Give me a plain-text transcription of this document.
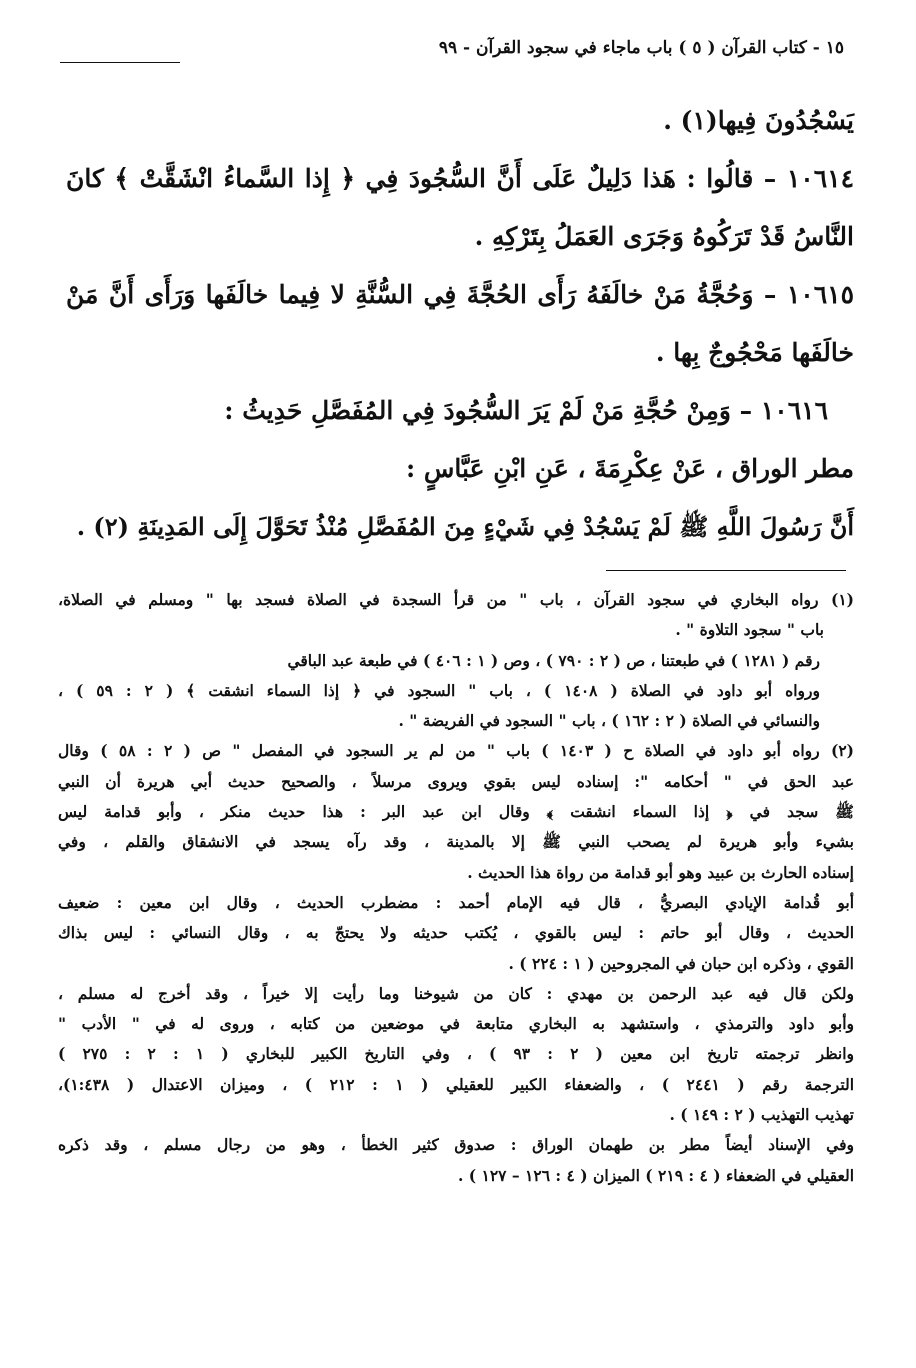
١٥ - كتاب القرآن ( ٥ ) باب ماجاء في سجود القرآن - ٩٩
يَسْجُدُونَ فِيها(١) .
١٠٦١٤ – قالُوا : هَذا دَلِيلٌ عَلَى أَنَّ السُّجُودَ فِي ﴿ إِذا السَّماءُ انْشَقَّتْ ﴾ كانَ
النَّاسُ قَدْ تَرَكُوهُ وَجَرَى العَمَلُ بِتَرْكِهِ .
١٠٦١٥ – وَحُجَّةُ مَنْ خالَفَهُ رَأَى الحُجَّةَ فِي السُّنَّةِ لا فِيما خالَفَها وَرَأَى أَنَّ مَنْ
خالَفَها مَحْجُوجٌ بِها .
١٠٦١٦ – وَمِنْ حُجَّةِ مَنْ لَمْ يَرَ السُّجُودَ فِي المُفَصَّلِ حَدِيثُ :
مطر الوراق ، عَنْ عِكْرِمَةَ ، عَنِ ابْنِ عَبَّاسٍ :
أَنَّ رَسُولَ اللَّهِ ﷺ لَمْ يَسْجُدْ فِي شَيْءٍ مِنَ المُفَصَّلِ مُنْذُ تَحَوَّلَ إِلَى المَدِينَةِ (٢) .
(١) رواه البخاري في سجود القرآن ، باب " من قرأ السجدة في الصلاة فسجد بها " ومسلم في الصلاة،
باب " سجود التلاوة " .
رقم ( ١٢٨١ ) في طبعتنا ، ص ( ٢ : ٧٩٠ ) ، وص ( ١ : ٤٠٦ ) في طبعة عبد الباقي
ورواه أبو داود في الصلاة ( ١٤٠٨ ) ، باب " السجود في ﴿ إذا السماء انشقت ﴾ ( ٢ : ٥٩ ) ،
والنسائي في الصلاة ( ٢ : ١٦٢ ) ، باب " السجود في الفريضة " .
(٢) رواه أبو داود في الصلاة ح ( ١٤٠٣ ) باب " من لم ير السجود في المفصل " ص ( ٢ : ٥٨ ) وقال
عبد الحق في " أحكامه ": إسناده ليس بقوي ويروى مرسلاً ، والصحيح حديث أبي هريرة أن النبي
ﷺ سجد في ﴿ إذا السماء انشقت ﴾ وقال ابن عبد البر : هذا حديث منكر ، وأبو قدامة ليس
بشيء وأبو هريرة لم يصحب النبي ﷺ إلا بالمدينة ، وقد رآه يسجد في الانشقاق والقلم ، وفي
إسناده الحارث بن عبيد وهو أبو قدامة من رواة هذا الحديث .
أبو قُدامة الإيادي البصريُّ ، قال فيه الإمام أحمد : مضطرب الحديث ، وقال ابن معين : ضعيف
الحديث ، وقال أبو حاتم : ليس بالقوي ، يُكتب حديثه ولا يحتجّ به ، وقال النسائي : ليس بذاك
القوي ، وذكره ابن حبان في المجروحين ( ١ : ٢٢٤ ) .
ولكن قال فيه عبد الرحمن بن مهدي : كان من شيوخنا وما رأيت إلا خيراً ، وقد أخرج له مسلم ،
وأبو داود والترمذي ، واستشهد به البخاري متابعة في موضعين من كتابه ، وروى له في " الأدب "
وانظر ترجمته تاريخ ابن معين ( ٢ : ٩٣ ) ، وفي التاريخ الكبير للبخاري ( ١ : ٢ : ٢٧٥ )
الترجمة رقم ( ٢٤٤١ ) ، والضعفاء الكبير للعقيلي ( ١ : ٢١٢ ) ، وميزان الاعتدال ( ١:٤٣٨)،
تهذيب التهذيب ( ٢ : ١٤٩ ) .
وفي الإسناد أيضاً مطر بن طهمان الوراق : صدوق كثير الخطأ ، وهو من رجال مسلم ، وقد ذكره
العقيلي في الضعفاء ( ٤ : ٢١٩ ) الميزان ( ٤ : ١٢٦ – ١٢٧ ) .
